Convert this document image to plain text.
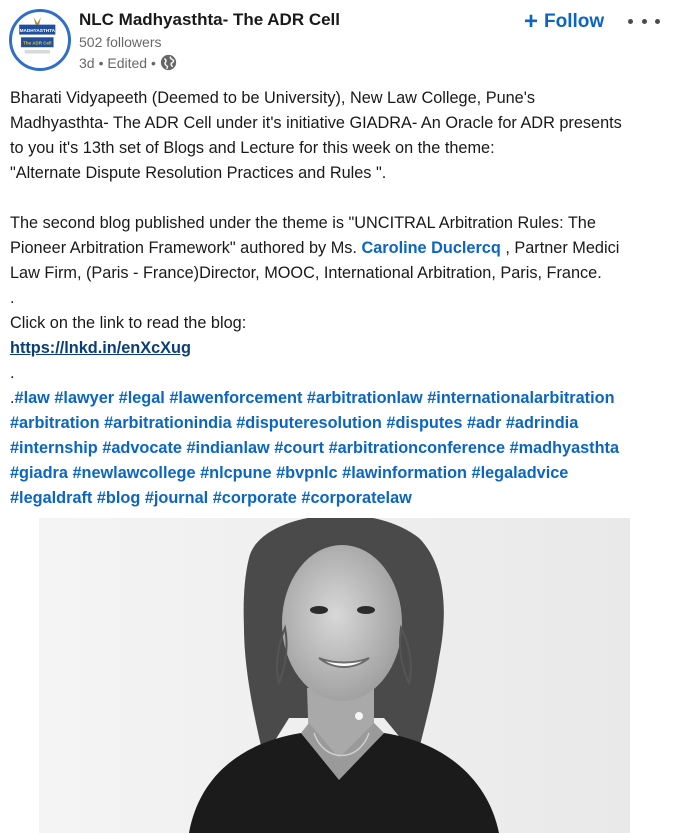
MADHYASTHTA
The ADR Cell
NLC Madhyasthta- The ADR Cell
502 followers
3d • Edited •
+ Follow

Bharati Vidyapeeth (Deemed to be University), New Law College, Pune's

Madhyasthta- The ADR Cell under it's initiative GIADRA- An Oracle for ADR presents

to you it's 13th set of Blogs and Lecture for this week on the theme:

"Alternate Dispute Resolution Practices and Rules ".

The second blog published under the theme is "UNCITRAL Arbitration Rules: The

Pioneer Arbitration Framework" authored by Ms. Caroline Duclercq , Partner Medici

Law Firm, (Paris - France)Director, MOOC, International Arbitration, Paris, France.

.

Click on the link to read the blog:

https://lnkd.in/enXcXug

.

.#law #lawyer #legal #lawenforcement #arbitrationlaw #internationalarbitration

#arbitration #arbitrationindia #disputeresolution #disputes #adr #adrindia

#internship #advocate #indianlaw #court #arbitrationconference #madhyasthta

#giadra #newlawcollege #nlcpune #bvpnlc #lawinformation #legaladvice

#legaldraft #blog #journal #corporate #corporatelaw
